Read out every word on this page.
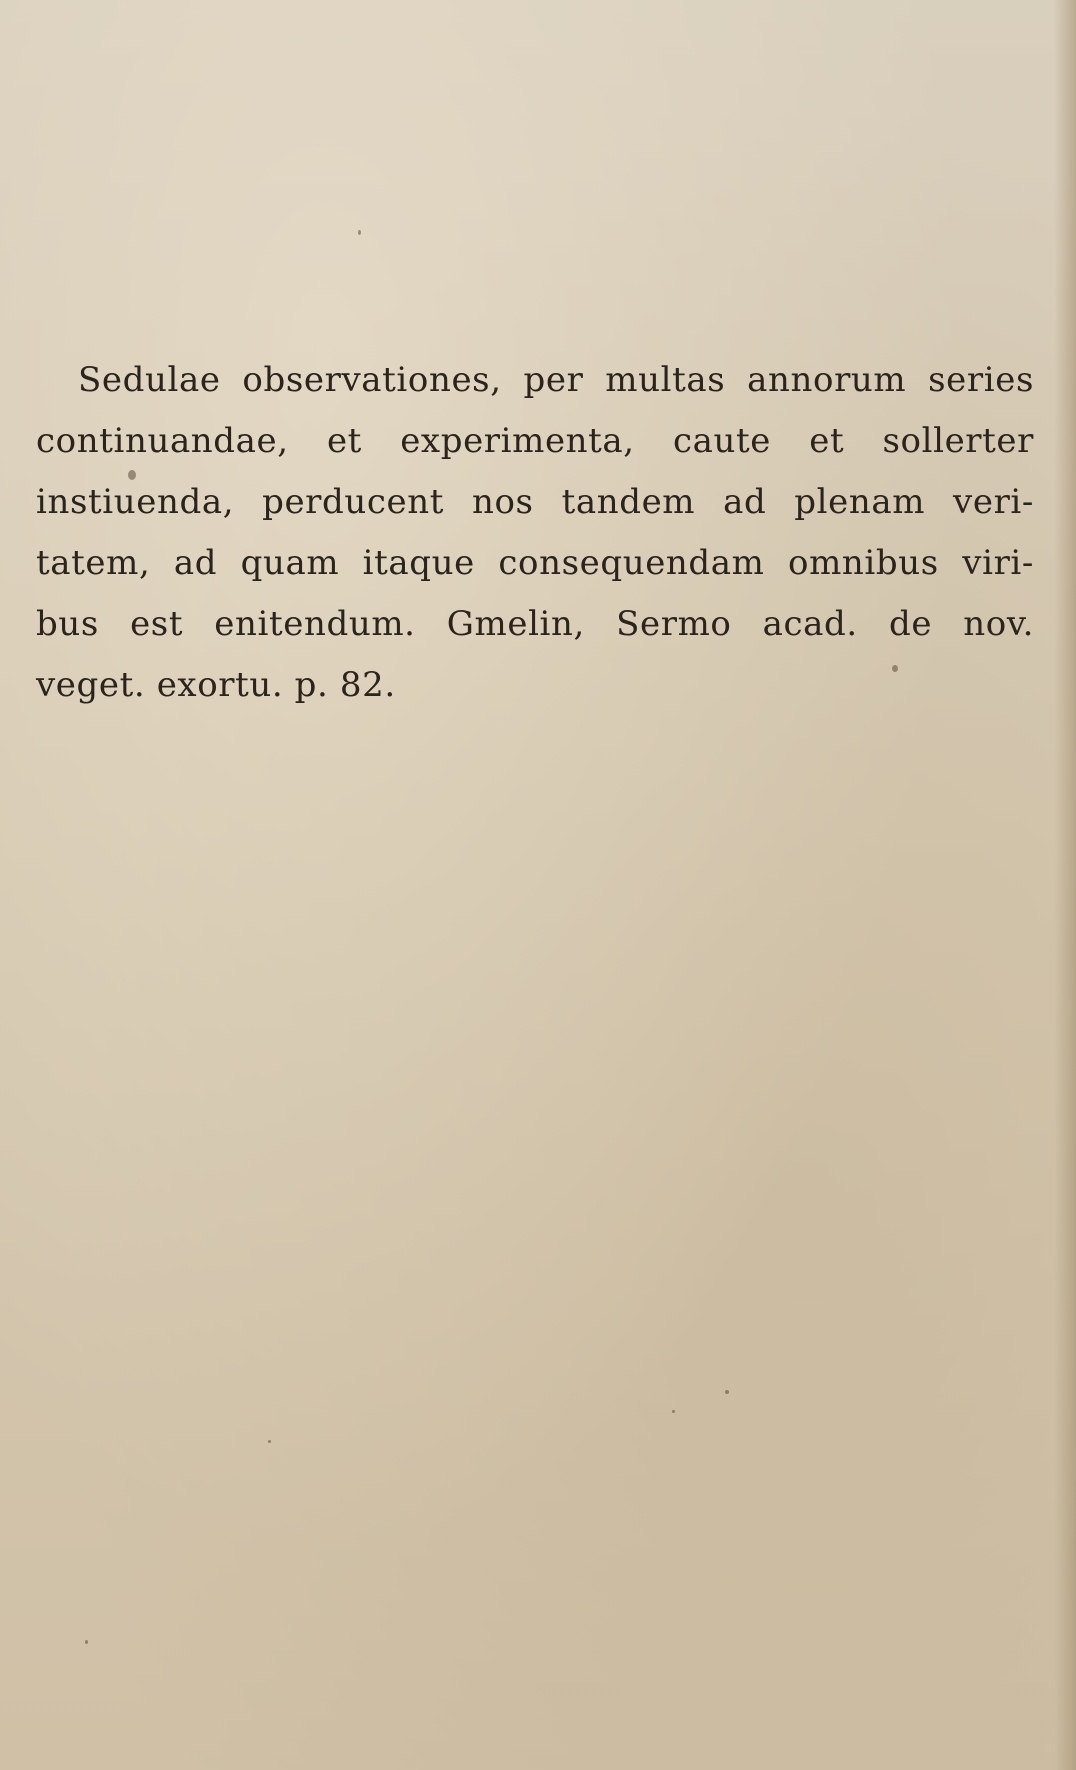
Sedulae observationes, per multas annorum series
continuandae, et experimenta, caute et sollerter
instiuenda, perducent nos tandem ad plenam veri-
tatem, ad quam itaque consequendam omnibus viri-
bus est enitendum. Gmelin, Sermo acad. de nov.
veget. exortu. p. 82.
